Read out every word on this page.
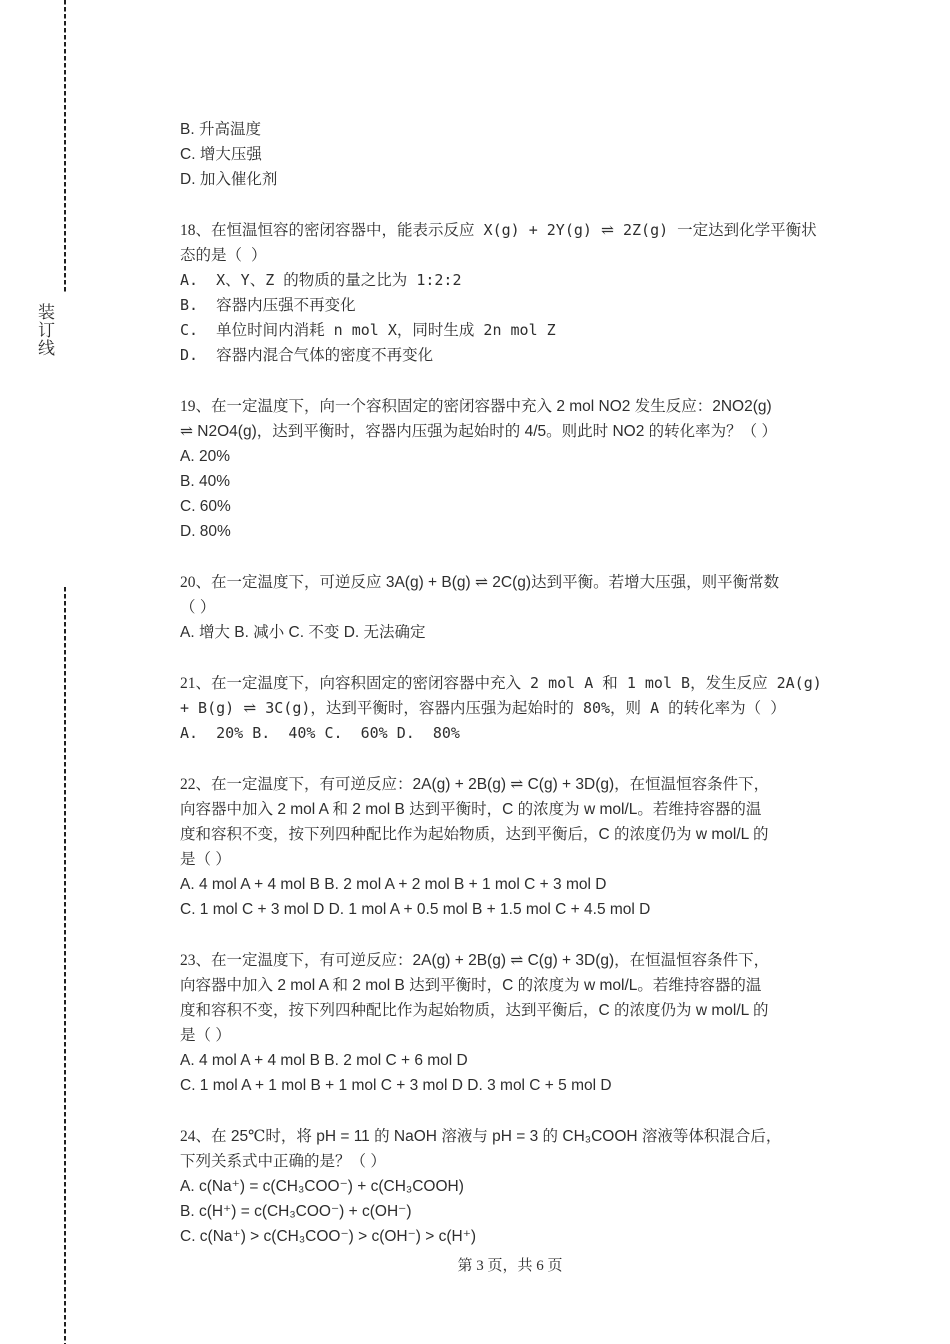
装订线

B. 升高温度

C. 增大压强

D. 加入催化剂

18、在恒温恒容的密闭容器中，能表示反应 X(g) + 2Y(g) ⇌ 2Z(g) 一定达到化学平衡状

态的是（ ）

A.  X、Y、Z 的物质的量之比为 1:2:2

B.  容器内压强不再变化

C.  单位时间内消耗 n mol X，同时生成 2n mol Z

D.  容器内混合气体的密度不再变化

19、在一定温度下，向一个容积固定的密闭容器中充入 2 mol NO2 发生反应：2NO2(g)

⇌ N2O4(g)，达到平衡时，容器内压强为起始时的 4/5。则此时 NO2 的转化率为？（ ）

A. 20%

B. 40%

C. 60%

D. 80%

20、在一定温度下，可逆反应 3A(g) + B(g) ⇌ 2C(g)达到平衡。若增大压强，则平衡常数

（ ）

A. 增大 B. 减小 C. 不变 D. 无法确定

21、在一定温度下，向容积固定的密闭容器中充入 2 mol A 和 1 mol B，发生反应 2A(g)

+ B(g) ⇌ 3C(g)，达到平衡时，容器内压强为起始时的 80%，则 A 的转化率为（ ）

A.  20% B.  40% C.  60% D.  80%

22、在一定温度下，有可逆反应：2A(g) + 2B(g) ⇌ C(g) + 3D(g)，在恒温恒容条件下，

向容器中加入 2 mol A 和 2 mol B 达到平衡时，C 的浓度为 w mol/L。若维持容器的温

度和容积不变，按下列四种配比作为起始物质，达到平衡后，C 的浓度仍为 w mol/L 的

是（ ）

A. 4 mol A + 4 mol B B. 2 mol A + 2 mol B + 1 mol C + 3 mol D

C. 1 mol C + 3 mol D D. 1 mol A + 0.5 mol B + 1.5 mol C + 4.5 mol D

23、在一定温度下，有可逆反应：2A(g) + 2B(g) ⇌ C(g) + 3D(g)，在恒温恒容条件下，

向容器中加入 2 mol A 和 2 mol B 达到平衡时，C 的浓度为 w mol/L。若维持容器的温

度和容积不变，按下列四种配比作为起始物质，达到平衡后，C 的浓度仍为 w mol/L 的

是（ ）

A. 4 mol A + 4 mol B B. 2 mol C + 6 mol D

C. 1 mol A + 1 mol B + 1 mol C + 3 mol D D. 3 mol C + 5 mol D

24、在 25℃时，将 pH = 11 的 NaOH 溶液与 pH = 3 的 CH₃COOH 溶液等体积混合后，

下列关系式中正确的是？（ ）

A. c(Na⁺) = c(CH₃COO⁻) + c(CH₃COOH)

B. c(H⁺) = c(CH₃COO⁻) + c(OH⁻)

C. c(Na⁺) > c(CH₃COO⁻) > c(OH⁻) > c(H⁺)

第 3 页，共 6 页
